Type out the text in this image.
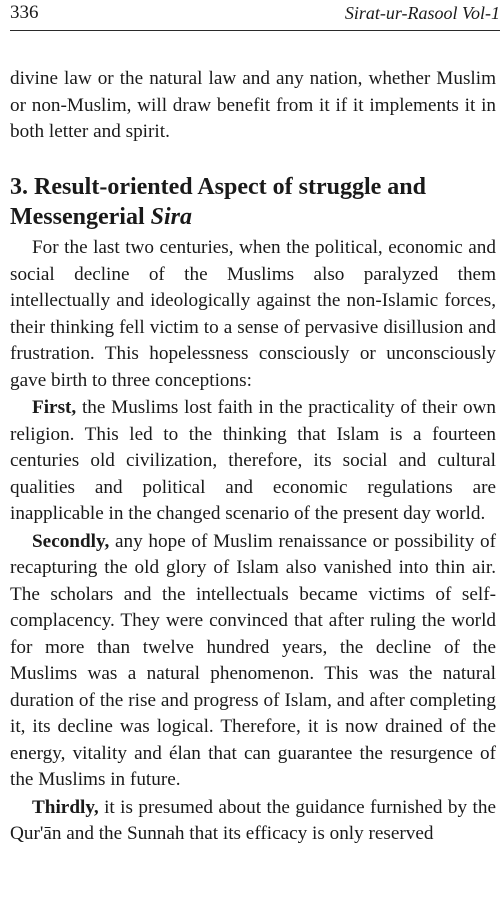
336	Sirat-ur-Rasool Vol-1
divine law or the natural law and any nation, whether Muslim or non-Muslim, will draw benefit from it if it implements it in both letter and spirit.
3. Result-oriented Aspect of struggle and Messengerial Sira

For the last two centuries, when the political, economic and social decline of the Muslims also paralyzed them intellectually and ideologically against the non-Islamic forces, their thinking fell victim to a sense of pervasive disillusion and frustration. This hopelessness consciously or unconsciously gave birth to three conceptions:

First, the Muslims lost faith in the practicality of their own religion. This led to the thinking that Islam is a fourteen centuries old civilization, therefore, its social and cultural qualities and political and economic regulations are inapplicable in the changed scenario of the present day world.

Secondly, any hope of Muslim renaissance or possibility of recapturing the old glory of Islam also vanished into thin air. The scholars and the intellectuals became victims of self-complacency. They were convinced that after ruling the world for more than twelve hundred years, the decline of the Muslims was a natural phenomenon. This was the natural duration of the rise and progress of Islam, and after completing it, its decline was logical. Therefore, it is now drained of the energy, vitality and élan that can guarantee the resurgence of the Muslims in future.

Thirdly, it is presumed about the guidance furnished by the Qur'ān and the Sunnah that its efficacy is only reserved
